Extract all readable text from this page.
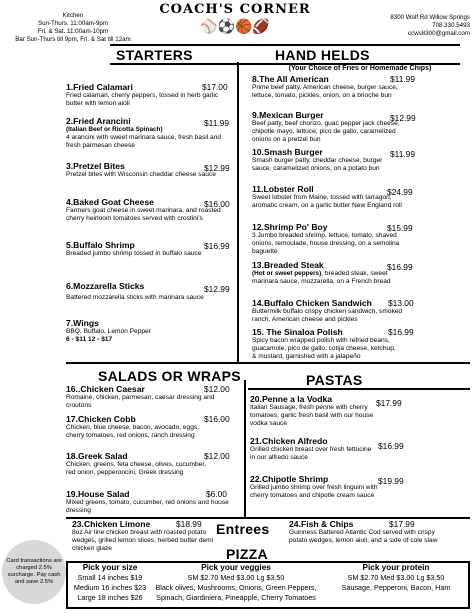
Kitchen
Sun-Thurs. 11:00am-9pm
Fri. & Sat. 11:00am-10pm
Bar Sun-Thurs till 9pm, Fri. & Sat till 12am
COACH'S CORNER
⚾⚽🏀🏈
8300 Wolf Rd Willow Springs
708.330.5493
ccws8300@gmail.com
STARTERS	HAND HELDS
1.Fried Calamari	$17.00
Fried calamari, cherry peppers, tossed in herb garlic butter with lemon aioli
2.Fried Arancini	$11.99
(Italian Beef or Ricotta Spinach)
4 arancini with sweet marinara sauce, fresh basil and fresh parmesan cheese
3.Pretzel Bites	$12.99
Pretzel bites with Wisconsin cheddar cheese sauce
4.Baked Goat Cheese	$16.00
Farmers goat cheese in sweet marinara, and roasted cherry heirloom tomatoes served with crostini's
5.Buffalo Shrimp	$16.99
Breaded jumbo shrimp tossed in buffalo sauce
6.Mozzarella Sticks	$12.99
Battered mozzarella sticks with marinara sauce
7.Wings
BBQ, Buffalo, Lemon Pepper
6 - $11 12 - $17
(Your Choice of Fries or Homemade Chips)
8.The All American	$11.99
Prime beef patty, American cheese, burger sauce, lettuce, tomato, pickles, onion, on a brioche bun
9.Mexican Burger	$12.99
Beef patty, beef chorizo, guac pepper jack cheese, chipotle mayo, lettuce, pico de gallo, caramelized onions on a pretzel bun
10.Smash Burger	$11.99
Smash burger patty, cheddar cheese, burger sauce, caramelized onions, on a potato bun
11.Lobster Roll	$24.99
Sweet lobster from Maine, tossed with tarragon, aromatic cream, on a garlic butter New England roll
12.Shrimp Po' Boy	$15.99
3 Jumbo breaded shrimp, lettuce, tomato, shaved onions, remoulade, house dressing, on a semolina baguette
13.Breaded Steak	$16.99
(Hot or sweet peppers), breaded steak, sweet marinara sauce, mozzarella, on a French bread
14.Buffalo Chicken Sandwich	$13.00
Buttermilk buffalo crispy chicken sandwich, smoked ranch, American cheese and pickles
15. The Sinaloa Polish	$16.99
Spicy bacon wrapped polish with refried beans, guacamole, pico de gallo, cotija cheese, ketchup, & mustard, garnished with a jalapeño
SALADS OR WRAPS	PASTAS
16..Chicken Caesar	$12.00
Romaine, chicken, parmesan, caesar dressing and croutons
17.Chicken Cobb	$16.00
Chicken, blue cheese, bacon, avocado, eggs, cherry tomatoes, red onions, ranch dressing
18.Greek Salad	$12.00
Chicken, greens, feta cheese, olives, cucumber, red onion, pepperoncini, Greek dressing
19.House Salad	$6.00
Mixed greens, tomato, cucumber, red onions and house dressing
20.Penne a la Vodka	$17.99
Italian Sausage, fresh penne with cherry tomatoes, garlic fresh basil with our house vodka sauce
21.Chicken Alfredo	$16.99
Grilled chicken breast over fresh fettucine in our alfredo sauce
22.Chipotle Shrimp	$19.99
Grilled jumbo shrimp over fresh linguini with cherry tomatoes and chipotle cream sauce
Card transactions are charged 2.5% surcharge. Pay cash and save 2.5%
23.Chicken Limone	$18.99
8oz Air line chicken breast with roasted potato wedges, grilled lemon slices, herbed butter demi chicken glaze
Entrees 24.Fish & Chips	$17.99
Guinness Battered Atlantic Cod served with crispy potato wedges, lemon aioli, and a side of cole slaw
PIZZA
Pick your size
Small 14 inches $19
Medium 16 inches $23
Large 18 inches $26
Pick your veggies
SM $2.70 Med $3.00 Lg $3.50
Black olives, Mushrooms, Onions, Green Peppers, Spinach, Giardiniera, Pineapple, Cherry Tomatoes
Pick your protein
SM $2.70 Med $3.00 Lg $3.50
Sausage, Pepperoni, Bacon, Ham
